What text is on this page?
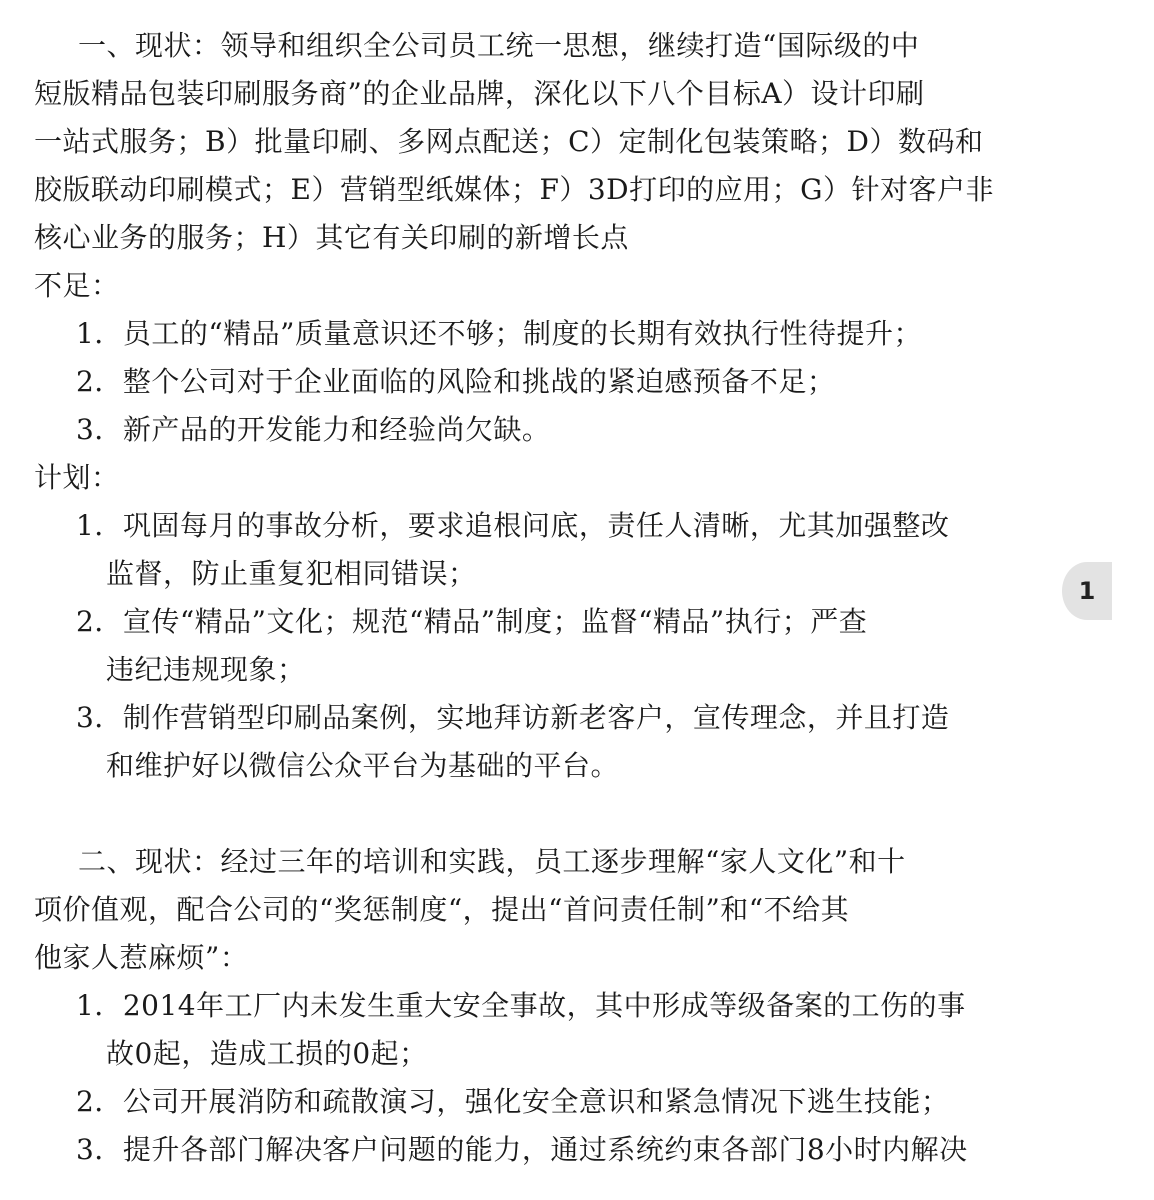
一、现状：领导和组织全公司员工统一思想，继续打造“国际级的中
短版精品包装印刷服务商”的企业品牌，深化以下八个目标A）设计印刷
一站式服务；B）批量印刷、多网点配送；C）定制化包装策略；D）数码和
胶版联动印刷模式；E）营销型纸媒体；F）3D打印的应用；G）针对客户非
核心业务的服务；H）其它有关印刷的新增长点
不足：
1．员工的“精品”质量意识还不够；制度的长期有效执行性待提升；
2．整个公司对于企业面临的风险和挑战的紧迫感预备不足；
3．新产品的开发能力和经验尚欠缺。
计划：
1．巩固每月的事故分析，要求追根问底，责任人清晰，尤其加强整改
监督，防止重复犯相同错误；
2．宣传“精品”文化；规范“精品”制度；监督“精品”执行；严查
违纪违规现象；
3．制作营销型印刷品案例，实地拜访新老客户，宣传理念，并且打造
和维护好以微信公众平台为基础的平台。
二、现状：经过三年的培训和实践，员工逐步理解“家人文化”和十
项价值观，配合公司的“奖惩制度“，提出“首问责任制”和“不给其
他家人惹麻烦”：
1．2014年工厂内未发生重大安全事故，其中形成等级备案的工伤的事
故0起，造成工损的0起；
2．公司开展消防和疏散演习，强化安全意识和紧急情况下逃生技能；
3．提升各部门解决客户问题的能力，通过系统约束各部门8小时内解决
1
